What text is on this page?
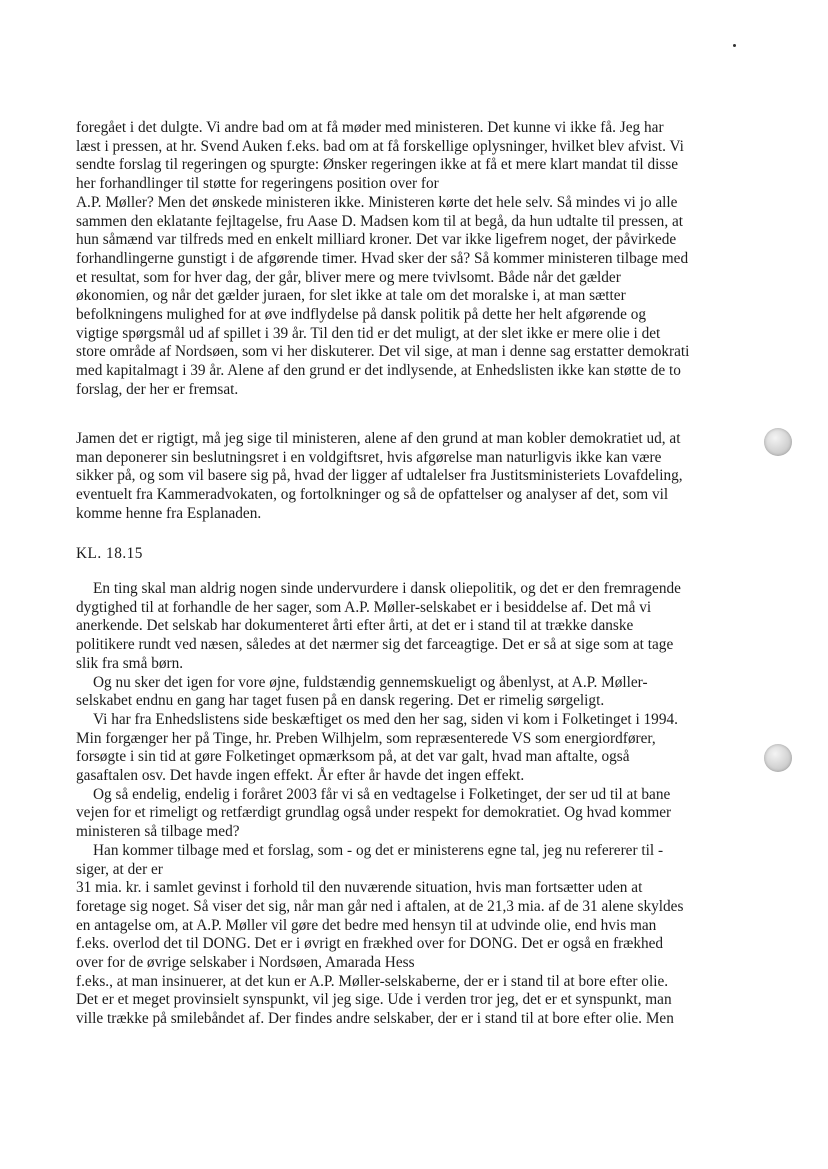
foregået i det dulgte. Vi andre bad om at få møder med ministeren. Det kunne vi ikke få. Jeg har
læst i pressen, at hr. Svend Auken f.eks. bad om at få forskellige oplysninger, hvilket blev afvist. Vi
sendte forslag til regeringen og spurgte: Ønsker regeringen ikke at få et mere klart mandat til disse
her forhandlinger til støtte for regeringens position over for
A.P. Møller? Men det ønskede ministeren ikke. Ministeren kørte det hele selv. Så mindes vi jo alle
sammen den eklatante fejltagelse, fru Aase D. Madsen kom til at begå, da hun udtalte til pressen, at
hun såmænd var tilfreds med en enkelt milliard kroner. Det var ikke ligefrem noget, der påvirkede
forhandlingerne gunstigt i de afgørende timer. Hvad sker der så? Så kommer ministeren tilbage med
et resultat, som for hver dag, der går, bliver mere og mere tvivlsomt. Både når det gælder
økonomien, og når det gælder juraen, for slet ikke at tale om det moralske i, at man sætter
befolkningens mulighed for at øve indflydelse på dansk politik på dette her helt afgørende og
vigtige spørgsmål ud af spillet i 39 år. Til den tid er det muligt, at der slet ikke er mere olie i det
store område af Nordsøen, som vi her diskuterer. Det vil sige, at man i denne sag erstatter demokrati
med kapitalmagt i 39 år. Alene af den grund er det indlysende, at Enhedslisten ikke kan støtte de to
forslag, der her er fremsat.
Jamen det er rigtigt, må jeg sige til ministeren, alene af den grund at man kobler demokratiet ud, at
man deponerer sin beslutningsret i en voldgiftsret, hvis afgørelse man naturligvis ikke kan være
sikker på, og som vil basere sig på, hvad der ligger af udtalelser fra Justitsministeriets Lovafdeling,
eventuelt fra Kammeradvokaten, og fortolkninger og så de opfattelser og analyser af det, som vil
komme henne fra Esplanaden.
KL. 18.15
En ting skal man aldrig nogen sinde undervurdere i dansk oliepolitik, og det er den fremragende
dygtighed til at forhandle de her sager, som A.P. Møller-selskabet er i besiddelse af. Det må vi
anerkende. Det selskab har dokumenteret årti efter årti, at det er i stand til at trække danske
politikere rundt ved næsen, således at det nærmer sig det farceagtige. Det er så at sige som at tage
slik fra små børn.
Og nu sker det igen for vore øjne, fuldstændig gennemskueligt og åbenlyst, at A.P. Møller-
selskabet endnu en gang har taget fusen på en dansk regering. Det er rimelig sørgeligt.
Vi har fra Enhedslistens side beskæftiget os med den her sag, siden vi kom i Folketinget i 1994.
Min forgænger her på Tinge, hr. Preben Wilhjelm, som repræsenterede VS som energiordfører,
forsøgte i sin tid at gøre Folketinget opmærksom på, at det var galt, hvad man aftalte, også
gasaftalen osv. Det havde ingen effekt. År efter år havde det ingen effekt.
Og så endelig, endelig i foråret 2003 får vi så en vedtagelse i Folketinget, der ser ud til at bane
vejen for et rimeligt og retfærdigt grundlag også under respekt for demokratiet. Og hvad kommer
ministeren så tilbage med?
Han kommer tilbage med et forslag, som - og det er ministerens egne tal, jeg nu refererer til -
siger, at der er
31 mia. kr. i samlet gevinst i forhold til den nuværende situation, hvis man fortsætter uden at
foretage sig noget. Så viser det sig, når man går ned i aftalen, at de 21,3 mia. af de 31 alene skyldes
en antagelse om, at A.P. Møller vil gøre det bedre med hensyn til at udvinde olie, end hvis man
f.eks. overlod det til DONG. Det er i øvrigt en frækhed over for DONG. Det er også en frækhed
over for de øvrige selskaber i Nordsøen, Amarada Hess
f.eks., at man insinuerer, at det kun er A.P. Møller-selskaberne, der er i stand til at bore efter olie.
Det er et meget provinsielt synspunkt, vil jeg sige. Ude i verden tror jeg, det er et synspunkt, man
ville trække på smilebåndet af. Der findes andre selskaber, der er i stand til at bore efter olie. Men
